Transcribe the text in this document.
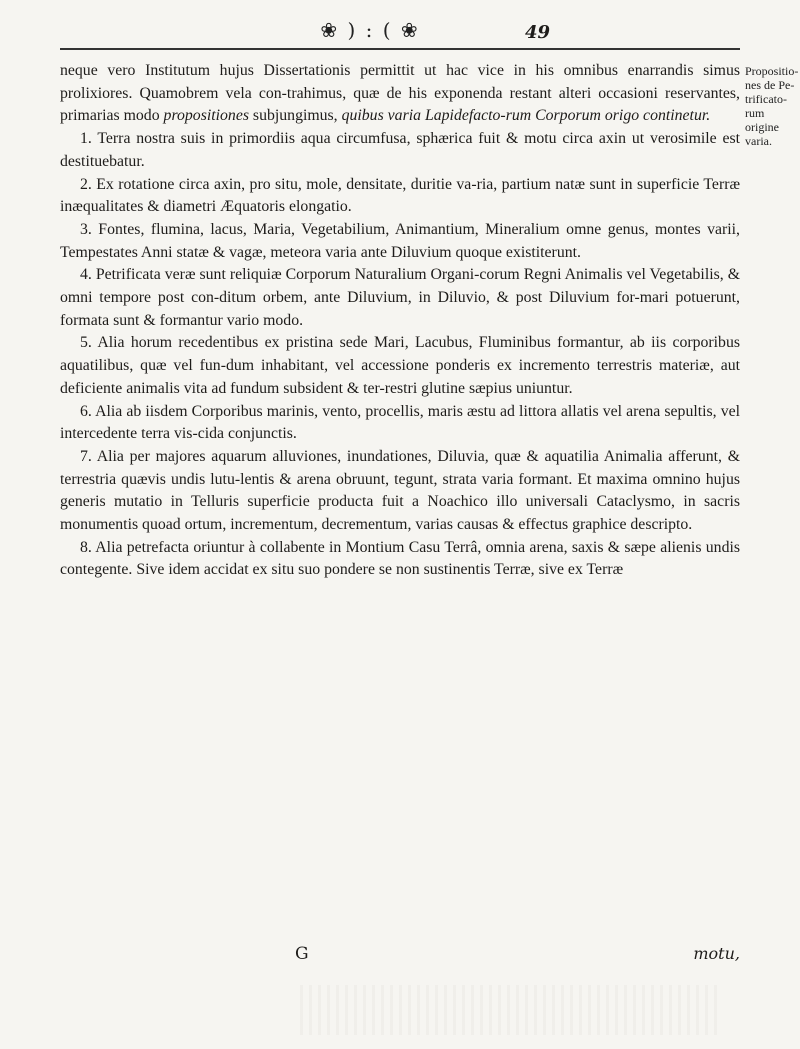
❀ ) : ( ❀	49

neque vero Institutum hujus Dissertationis permittit ut hac vice in his omnibus enarrandis simus prolixiores. Quamobrem vela con-trahimus, quæ de his exponenda restant alteri occasioni reservantes, primarias modo propositiones subjungimus, quibus varia Lapidefacto-rum Corporum origo continetur.

1. Terra nostra suis in primordiis aqua circumfusa, sphærica fuit & motu circa axin ut verosimile est destituebatur.

2. Ex rotatione circa axin, pro situ, mole, densitate, duritie va-ria, partium natæ sunt in superficie Terræ inæqualitates & diametri Æquatoris elongatio.

3. Fontes, flumina, lacus, Maria, Vegetabilium, Animantium, Mineralium omne genus, montes varii, Tempestates Anni statæ & vagæ, meteora varia ante Diluvium quoque existiterunt.

4. Petrificata veræ sunt reliquiæ Corporum Naturalium Organi-corum Regni Animalis vel Vegetabilis, & omni tempore post con-ditum orbem, ante Diluvium, in Diluvio, & post Diluvium for-mari potuerunt, formata sunt & formantur vario modo.

5. Alia horum recedentibus ex pristina sede Mari, Lacubus, Fluminibus formantur, ab iis corporibus aquatilibus, quæ vel fun-dum inhabitant, vel accessione ponderis ex incremento terrestris materiæ, aut deficiente animalis vita ad fundum subsident & ter-restri glutine sæpius uniuntur.

6. Alia ab iisdem Corporibus marinis, vento, procellis, maris æstu ad littora allatis vel arena sepultis, vel intercedente terra vis-cida conjunctis.

7. Alia per majores aquarum alluviones, inundationes, Diluvia, quæ & aquatilia Animalia afferunt, & terrestria quævis undis lutu-lentis & arena obruunt, tegunt, strata varia formant. Et maxima omnino hujus generis mutatio in Telluris superficie producta fuit a Noachico illo universali Cataclysmo, in sacris monumentis quoad ortum, incrementum, decrementum, varias causas & effectus graphice descripto.

8. Alia petrefacta oriuntur à collabente in Montium Casu Terrâ, omnia arena, saxis & sæpe alienis undis contegente. Sive idem accidat ex situ suo pondere se non sustinentis Terræ, sive ex Terræ

Propositio-nes de Pe-trificato-rum origine varia.
G	motu,
